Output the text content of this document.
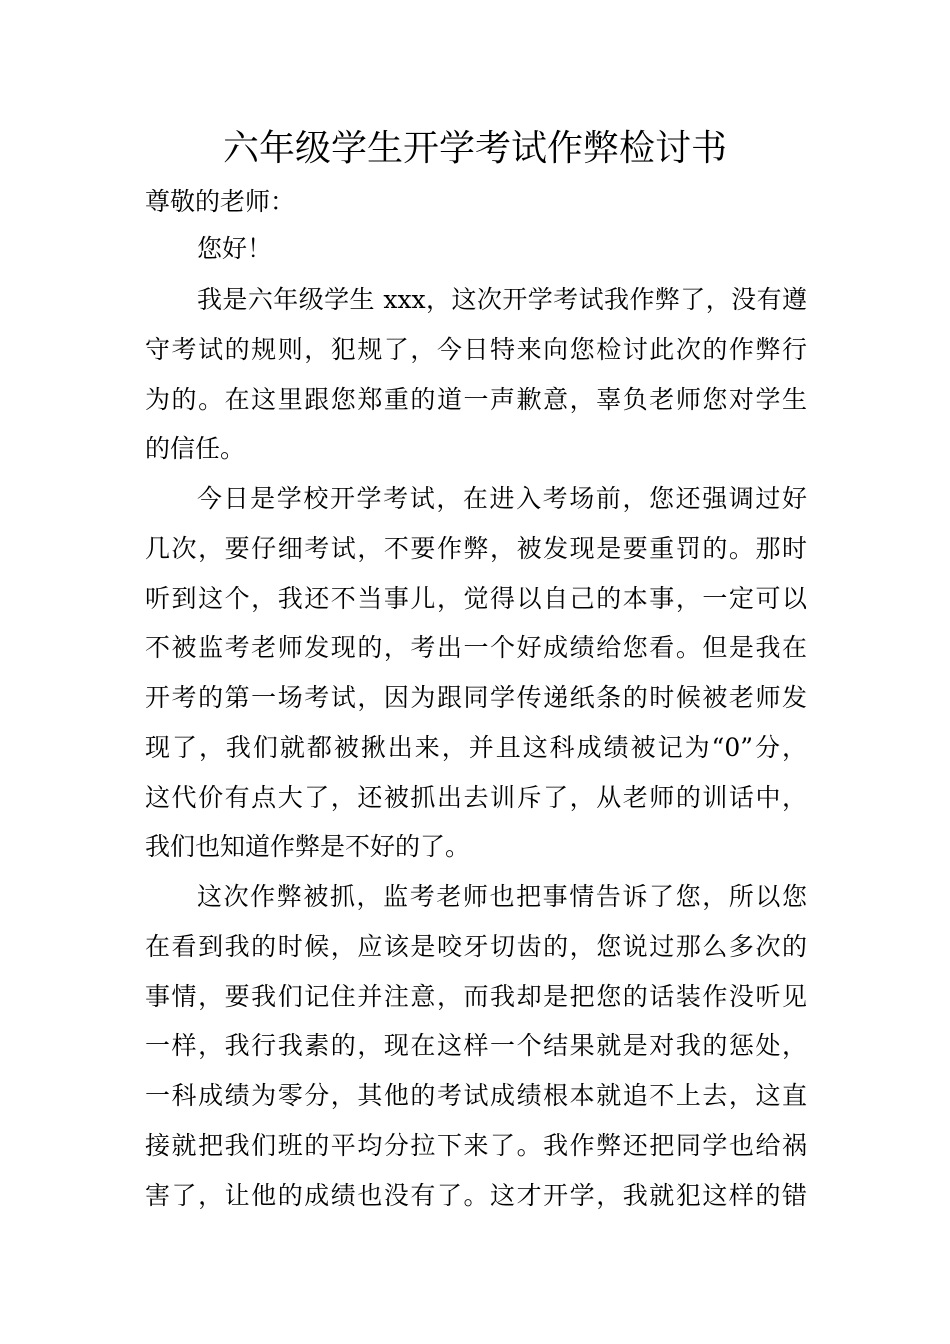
六年级学生开学考试作弊检讨书
尊敬的老师：
您好！
我是六年级学生 xxx，这次开学考试我作弊了，没有遵
守考试的规则，犯规了，今日特来向您检讨此次的作弊行
为的。在这里跟您郑重的道一声歉意，辜负老师您对学生
的信任。
今日是学校开学考试，在进入考场前，您还强调过好
几次，要仔细考试，不要作弊，被发现是要重罚的。那时
听到这个，我还不当事儿，觉得以自己的本事，一定可以
不被监考老师发现的，考出一个好成绩给您看。但是我在
开考的第一场考试，因为跟同学传递纸条的时候被老师发
现了，我们就都被揪出来，并且这科成绩被记为“0”分，
这代价有点大了，还被抓出去训斥了，从老师的训话中，
我们也知道作弊是不好的了。
这次作弊被抓，监考老师也把事情告诉了您，所以您
在看到我的时候，应该是咬牙切齿的，您说过那么多次的
事情，要我们记住并注意，而我却是把您的话装作没听见
一样，我行我素的，现在这样一个结果就是对我的惩处，
一科成绩为零分，其他的考试成绩根本就追不上去，这直
接就把我们班的平均分拉下来了。我作弊还把同学也给祸
害了，让他的成绩也没有了。这才开学，我就犯这样的错
